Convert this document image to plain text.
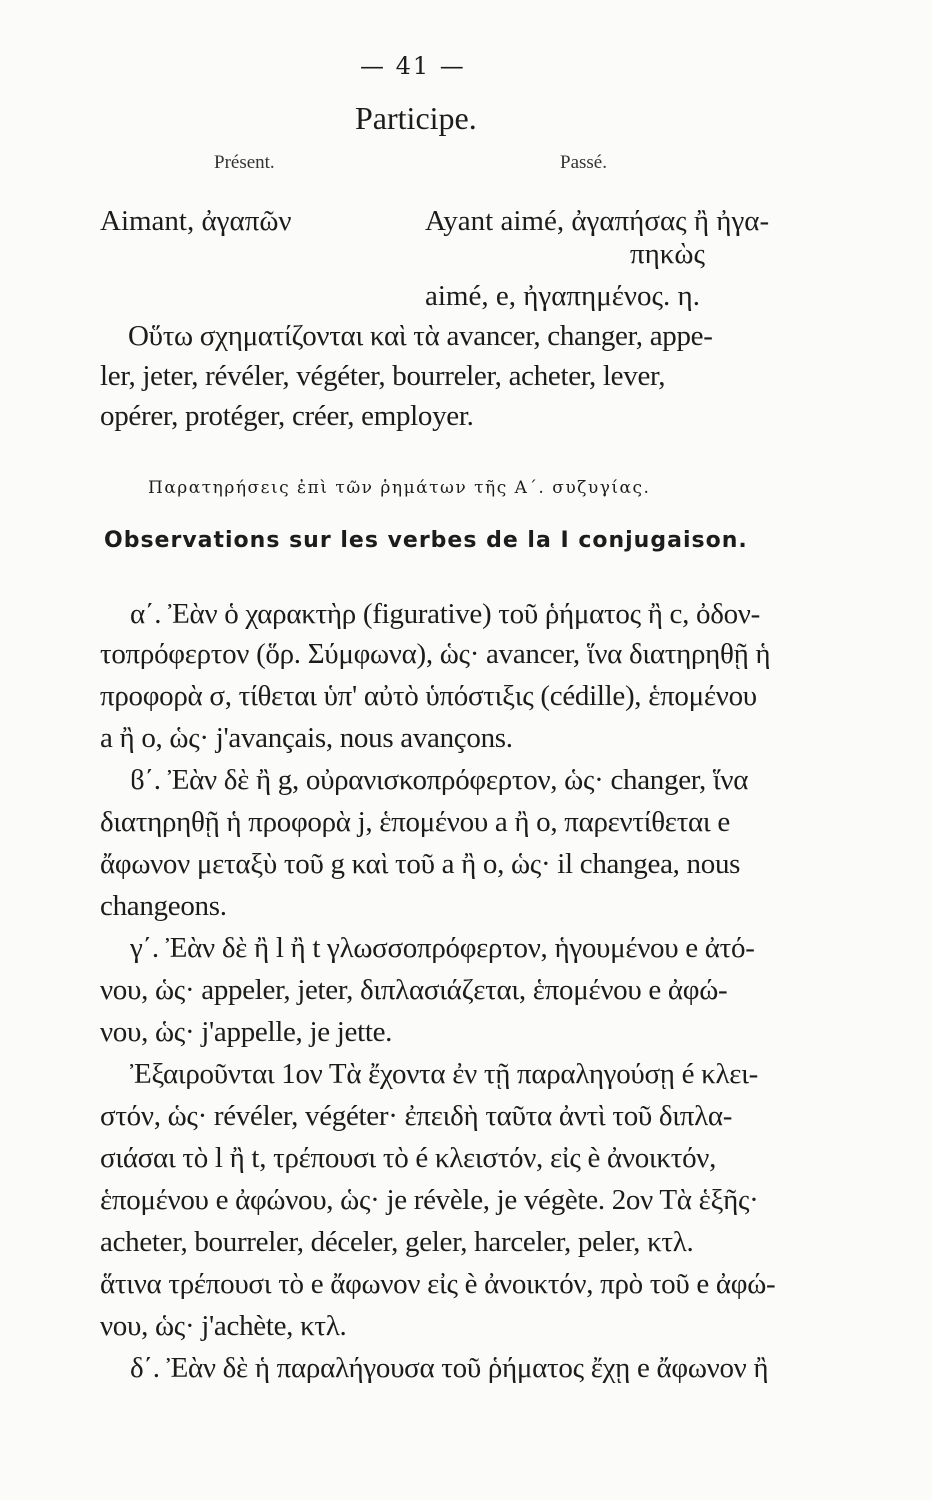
— 41 —
Participe.
Présent.	Passé.
Aimant, ἀγαπῶν	Ayant aimé, ἀγαπήσας ἢ ἠγα-
πηκὼς
aimé, e, ἠγαπημένος. η.
Οὕτω σχηματίζονται καὶ τὰ avancer, changer, appe-
ler, jeter, révéler, végéter, bourreler, acheter, lever,
opérer, protéger, créer, employer.
Παρατηρήσεις ἐπὶ τῶν ῥημάτων τῆς Α΄. συζυγίας.
Observations sur les verbes de la I conjugaison.
α΄. Ἐὰν ὁ χαρακτὴρ (figurative) τοῦ ῥήματος ἢ c, ὀδον-
τοπρόφερτον (ὅρ. Σύμφωνα), ὡς· avancer, ἵνα διατηρηθῇ ἡ
προφορὰ σ, τίθεται ὑπ' αὐτὸ ὑπόστιξις (cédille), ἑπομένου
a ἢ o, ὡς· j'avançais, nous avançons.
ϐ΄. Ἐὰν δὲ ἢ g, οὐρανισκοπρόφερτον, ὡς· changer, ἵνα
διατηρηθῇ ἡ προφορὰ j, ἑπομένου a ἢ o, παρεντίθεται e
ἄφωνον μεταξὺ τοῦ g καὶ τοῦ a ἢ o, ὡς· il changea, nous
changeons.
γ΄. Ἐὰν δὲ ἢ l ἢ t γλωσσοπρόφερτον, ἡγουμένου e ἀτό-
νου, ὡς· appeler, jeter, διπλασιάζεται, ἑπομένου e ἀφώ-
νου, ὡς· j'appelle, je jette.
Ἐξαιροῦνται 1ον Τὰ ἔχοντα ἐν τῇ παραληγούσῃ é κλει-
στόν, ὡς· révéler, végéter· ἐπειδὴ ταῦτα ἀντὶ τοῦ διπλα-
σιάσαι τὸ l ἢ t, τρέπουσι τὸ é κλειστόν, εἰς è ἀνοικτόν,
ἑπομένου e ἀφώνου, ὡς· je révèle, je végète. 2ον Τὰ ἑξῆς·
acheter, bourreler, déceler, geler, harceler, peler, κτλ.
ἅτινα τρέπουσι τὸ e ἄφωνον εἰς è ἀνοικτόν, πρὸ τοῦ e ἀφώ-
νου, ὡς· j'achète, κτλ.
δ΄. Ἐὰν δὲ ἡ παραλήγουσα τοῦ ῥήματος ἔχῃ e ἄφωνον ἢ
